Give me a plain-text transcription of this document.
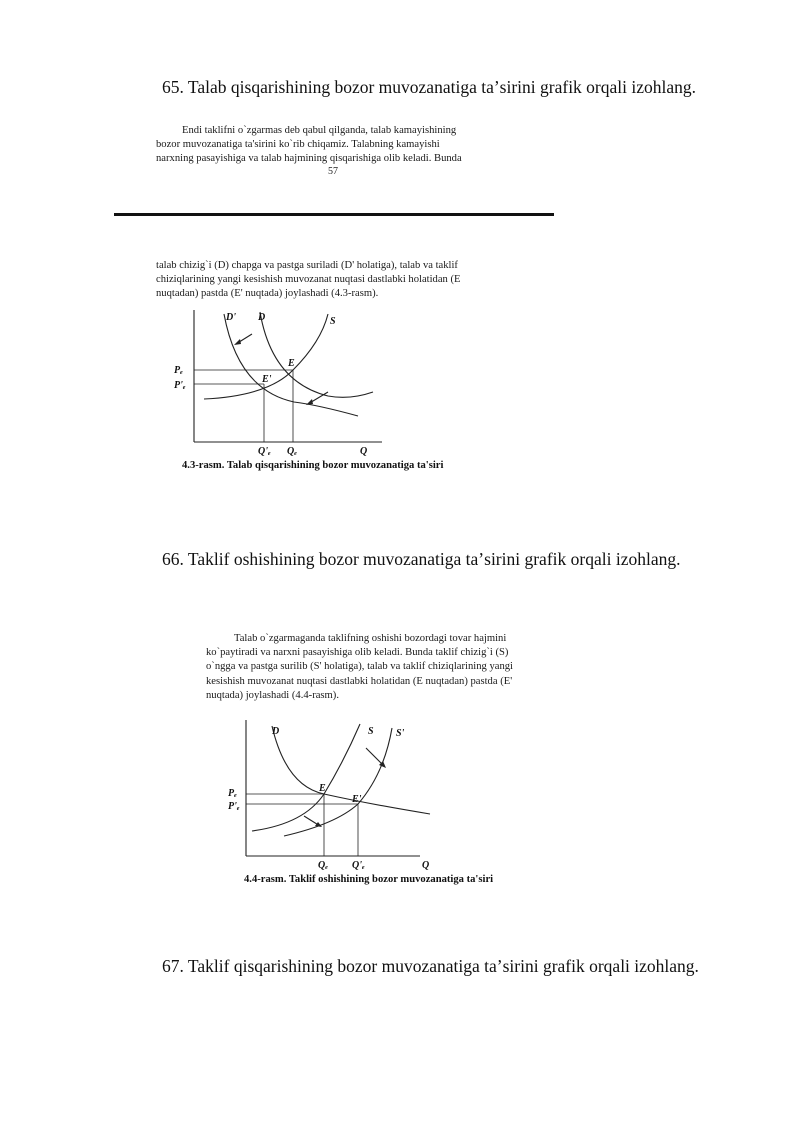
65. Talab qisqarishining bozor muvozanatiga taʼsirini grafik orqali izohlang.
Endi taklifni o`zgarmas deb qabul qilganda, talab kamayishining
bozor muvozanatiga ta'sirini ko`rib chiqamiz. Talabning kamayishi
narxning pasayishiga va talab hajmining qisqarishiga olib keladi. Bunda
57
talab chizig`i (D) chapga va pastga suriladi (D' holatiga), talab va taklif
chiziqlarining yangi kesishish muvozanat nuqtasi dastlabki holatidan (E
nuqtadan) pastda (E' nuqtada) joylashadi (4.3-rasm).
D' D	S
E
E'
Pₑ
P'ₑ
Q'ₑ Qₑ	Q
4.3-rasm. Talab qisqarishining bozor muvozanatiga ta'siri
66. Taklif oshishining bozor muvozanatiga taʼsirini grafik orqali izohlang.
Talab o`zgarmaganda taklifning oshishi bozordagi tovar hajmini
ko`paytiradi va narxni pasayishiga olib keladi. Bunda taklif chizig`i (S)
o`ngga va pastga surilib (S' holatiga), talab va taklif chiziqlarining yangi
kesishish muvozanat nuqtasi dastlabki holatidan (E nuqtadan) pastda (E'
nuqtada) joylashadi (4.4-rasm).
D	S S'
E
E'
Pₑ
P'ₑ
Qₑ Q'ₑ	Q
4.4-rasm. Taklif oshishining bozor muvozanatiga ta'siri
67. Taklif qisqarishining bozor muvozanatiga taʼsirini grafik orqali izohlang.
